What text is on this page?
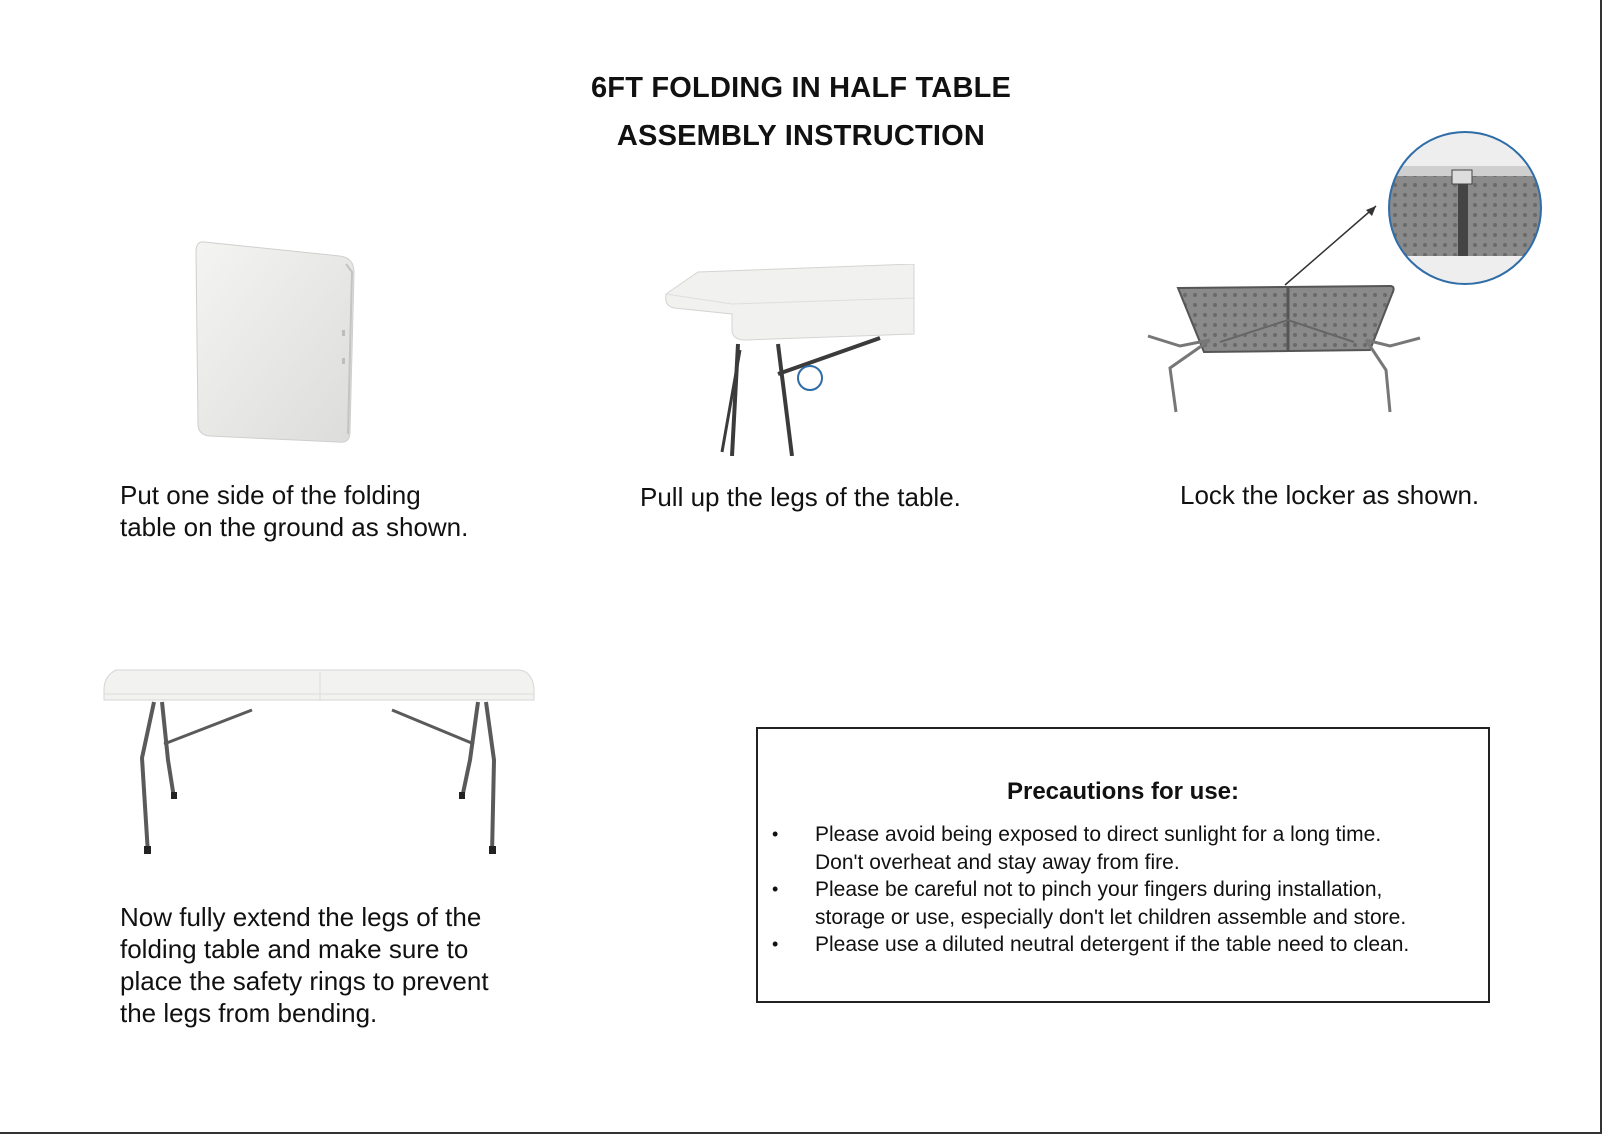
6FT FOLDING IN HALF TABLE
ASSEMBLY INSTRUCTION
Put one side of the folding
table on the ground as shown.
Pull up the legs of the table.	Lock the locker as shown.
Now fully extend the legs of the
folding table and make sure to
place the safety rings to prevent
the legs from bending.
Precautions for use:
• Please avoid being exposed to direct sunlight for a long time.
Don't overheat and stay away from fire.
• Please be careful not to pinch your fingers during installation,
storage or use, especially don't let children assemble and store.
• Please use a diluted neutral detergent if the table need to clean.
